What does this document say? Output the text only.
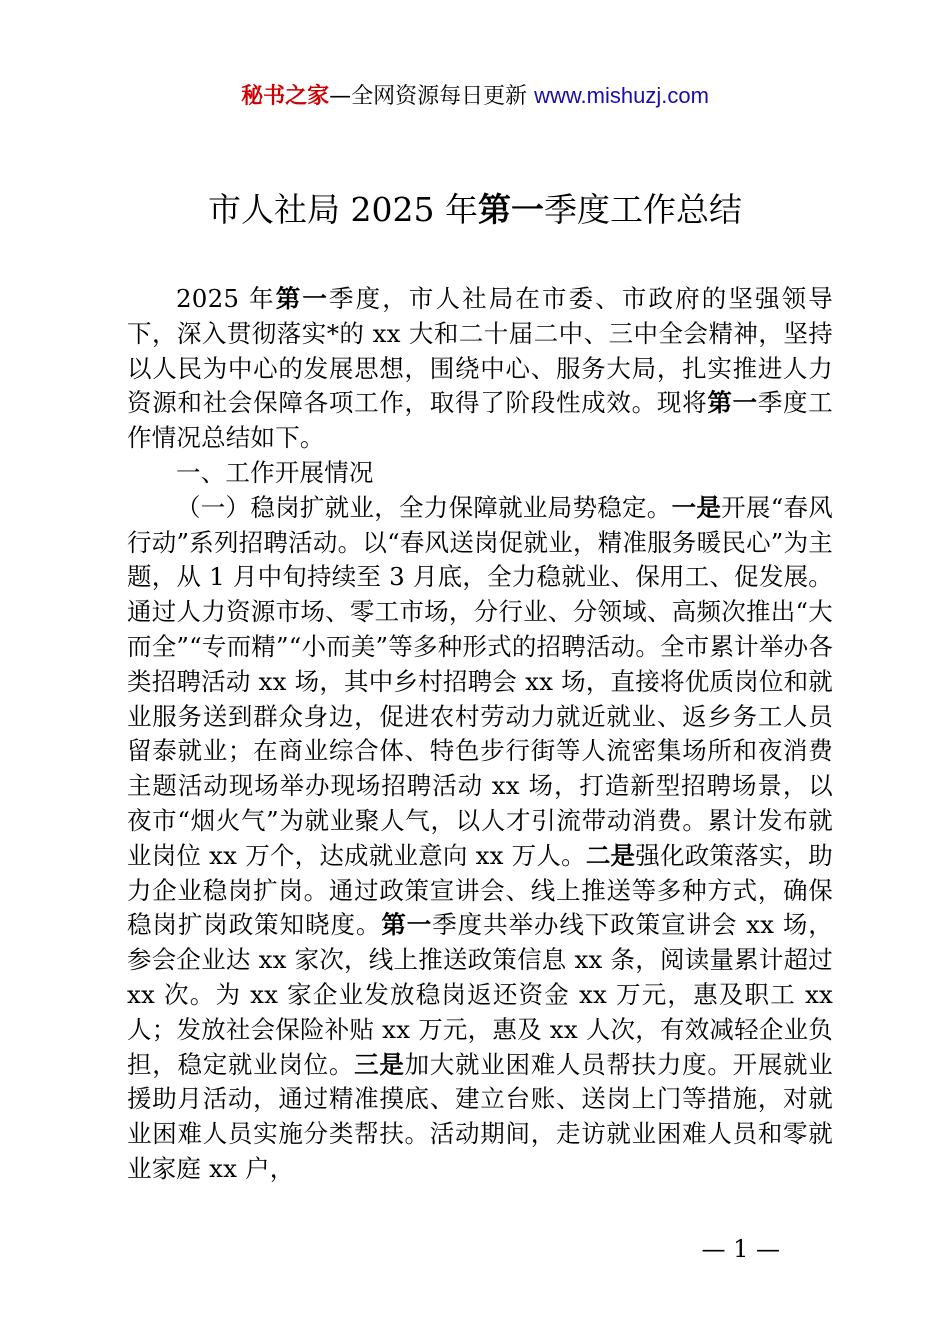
秘书之家—全网资源每日更新 www.mishuzj.com
市人社局 2025 年第一季度工作总结

2025 年第一季度，市人社局在市委、市政府的坚强领导下，深入贯彻落实*的 xx 大和二十届二中、三中全会精神，坚持以人民为中心的发展思想，围绕中心、服务大局，扎实推进人力资源和社会保障各项工作，取得了阶段性成效。现将第一季度工作情况总结如下。

一、工作开展情况

（一）稳岗扩就业，全力保障就业局势稳定。一是开展“春风行动”系列招聘活动。以“春风送岗促就业，精准服务暖民心”为主题，从 1 月中旬持续至 3 月底，全力稳就业、保用工、促发展。通过人力资源市场、零工市场，分行业、分领域、高频次推出“大而全”“专而精”“小而美”等多种形式的招聘活动。全市累计举办各类招聘活动 xx 场，其中乡村招聘会 xx 场，直接将优质岗位和就业服务送到群众身边，促进农村劳动力就近就业、返乡务工人员留泰就业；在商业综合体、特色步行街等人流密集场所和夜消费主题活动现场举办现场招聘活动 xx 场，打造新型招聘场景，以夜市“烟火气”为就业聚人气，以人才引流带动消费。累计发布就业岗位 xx 万个，达成就业意向 xx 万人。二是强化政策落实，助力企业稳岗扩岗。通过政策宣讲会、线上推送等多种方式，确保稳岗扩岗政策知晓度。第一季度共举办线下政策宣讲会 xx 场，参会企业达 xx 家次，线上推送政策信息 xx 条，阅读量累计超过 xx 次。为 xx 家企业发放稳岗返还资金 xx 万元，惠及职工 xx 人；发放社会保险补贴 xx 万元，惠及 xx 人次，有效减轻企业负担，稳定就业岗位。三是加大就业困难人员帮扶力度。开展就业援助月活动，通过精准摸底、建立台账、送岗上门等措施，对就业困难人员实施分类帮扶。活动期间，走访就业困难人员和零就业家庭 xx 户，

— 1 —
